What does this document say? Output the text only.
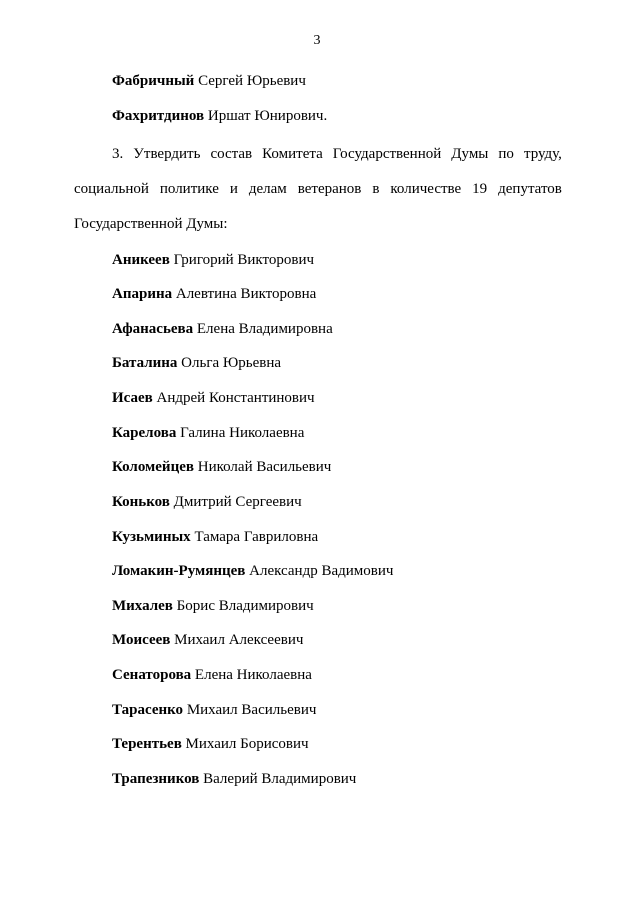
3
Фабричный Сергей Юрьевич
Фахритдинов Иршат Юнирович.
3. Утвердить состав Комитета Государственной Думы по труду,
социальной политике и делам ветеранов в количестве 19 депутатов
Государственной Думы:
Аникеев Григорий Викторович
Апарина Алевтина Викторовна
Афанасьева Елена Владимировна
Баталина Ольга Юрьевна
Исаев Андрей Константинович
Карелова Галина Николаевна
Коломейцев Николай Васильевич
Коньков Дмитрий Сергеевич
Кузьминых Тамара Гавриловна
Ломакин-Румянцев Александр Вадимович
Михалев Борис Владимирович
Моисеев Михаил Алексеевич
Сенаторова Елена Николаевна
Тарасенко Михаил Васильевич
Терентьев Михаил Борисович
Трапезников Валерий Владимирович
